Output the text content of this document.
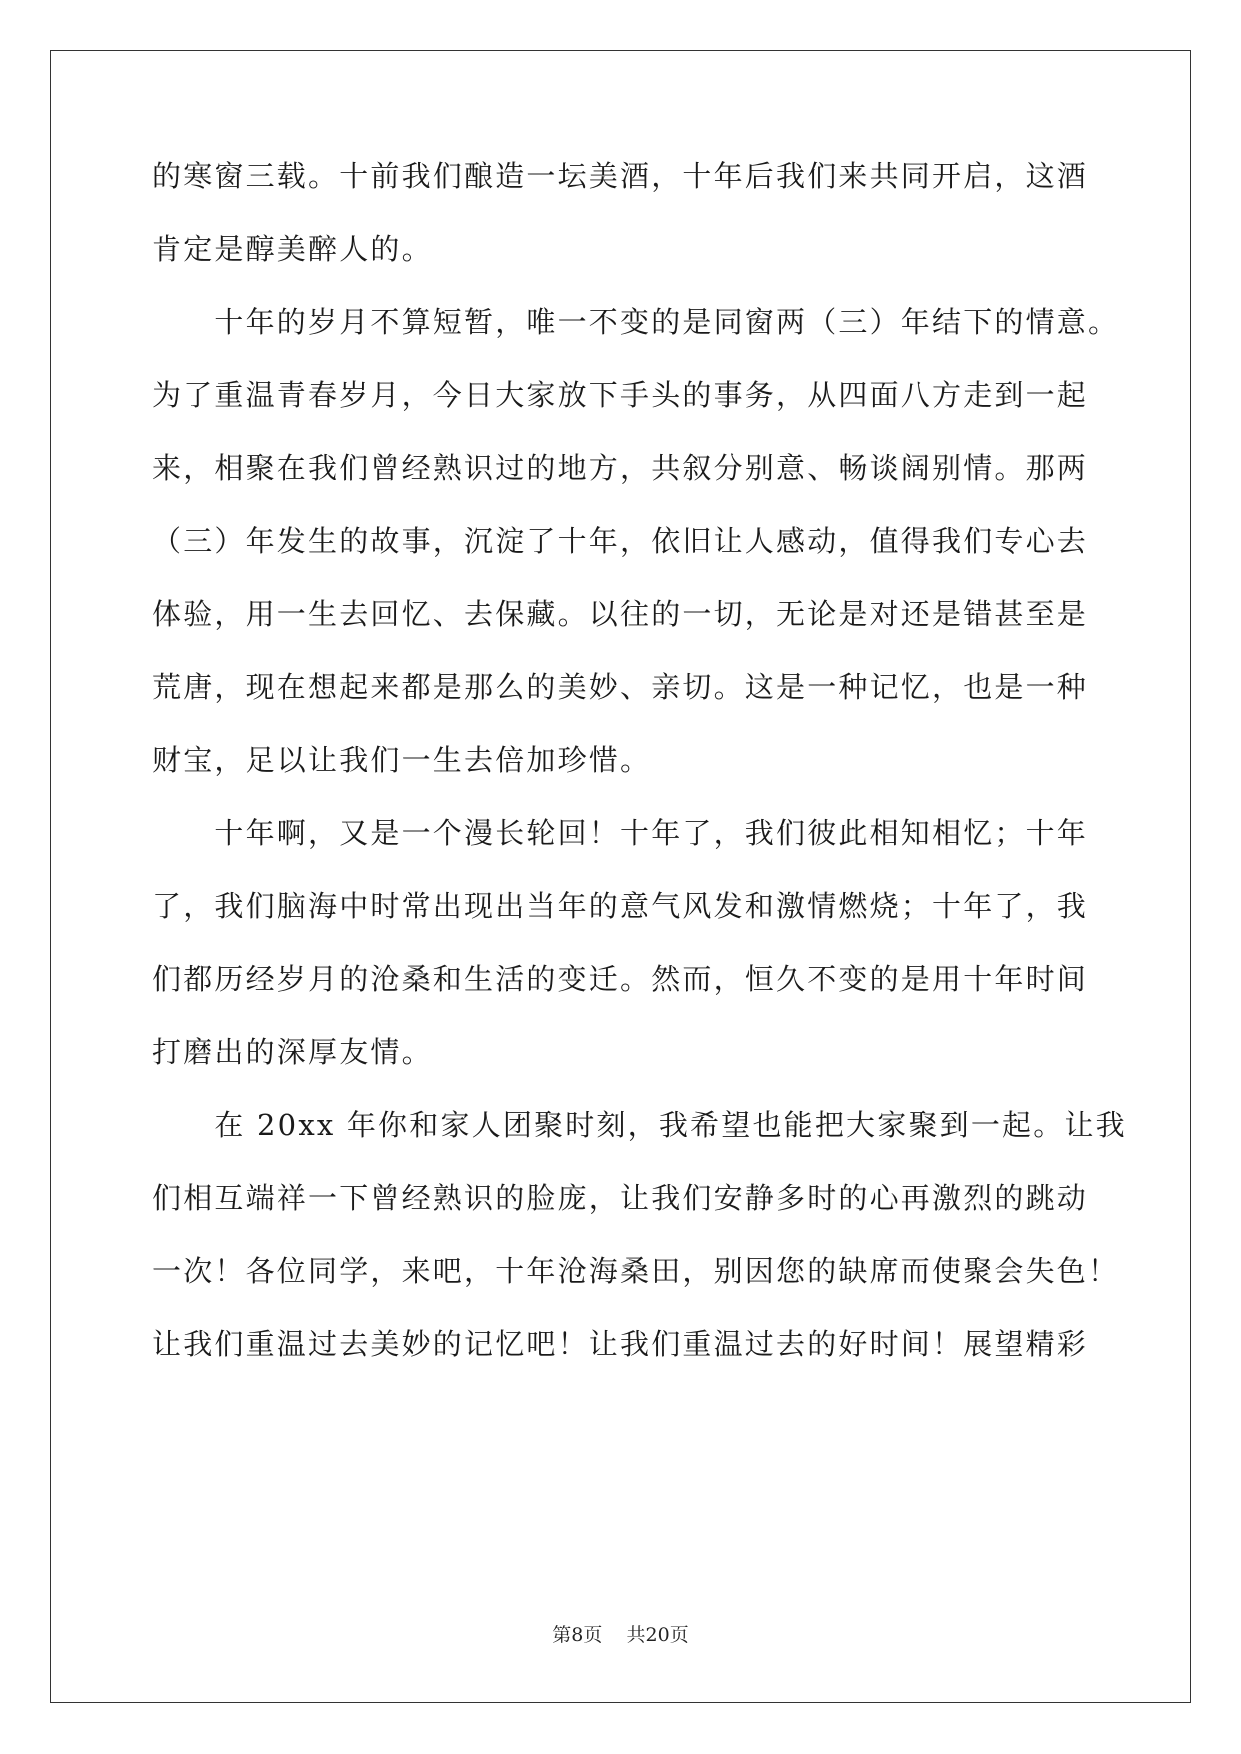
的寒窗三载。十前我们酿造一坛美酒，十年后我们来共同开启，这酒
肯定是醇美醉人的。
　　十年的岁月不算短暂，唯一不变的是同窗两（三）年结下的情意。
为了重温青春岁月，今日大家放下手头的事务，从四面八方走到一起
来，相聚在我们曾经熟识过的地方，共叙分别意、畅谈阔别情。那两
（三）年发生的故事，沉淀了十年，依旧让人感动，值得我们专心去
体验，用一生去回忆、去保藏。以往的一切，无论是对还是错甚至是
荒唐，现在想起来都是那么的美妙、亲切。这是一种记忆，也是一种
财宝，足以让我们一生去倍加珍惜。
　　十年啊，又是一个漫长轮回！十年了，我们彼此相知相忆；十年
了，我们脑海中时常出现出当年的意气风发和激情燃烧；十年了，我
们都历经岁月的沧桑和生活的变迁。然而，恒久不变的是用十年时间
打磨出的深厚友情。
　　在 20xx 年你和家人团聚时刻，我希望也能把大家聚到一起。让我
们相互端祥一下曾经熟识的脸庞，让我们安静多时的心再激烈的跳动
一次！各位同学，来吧，十年沧海桑田，别因您的缺席而使聚会失色！
让我们重温过去美妙的记忆吧！让我们重温过去的好时间！展望精彩
第8页 共20页
